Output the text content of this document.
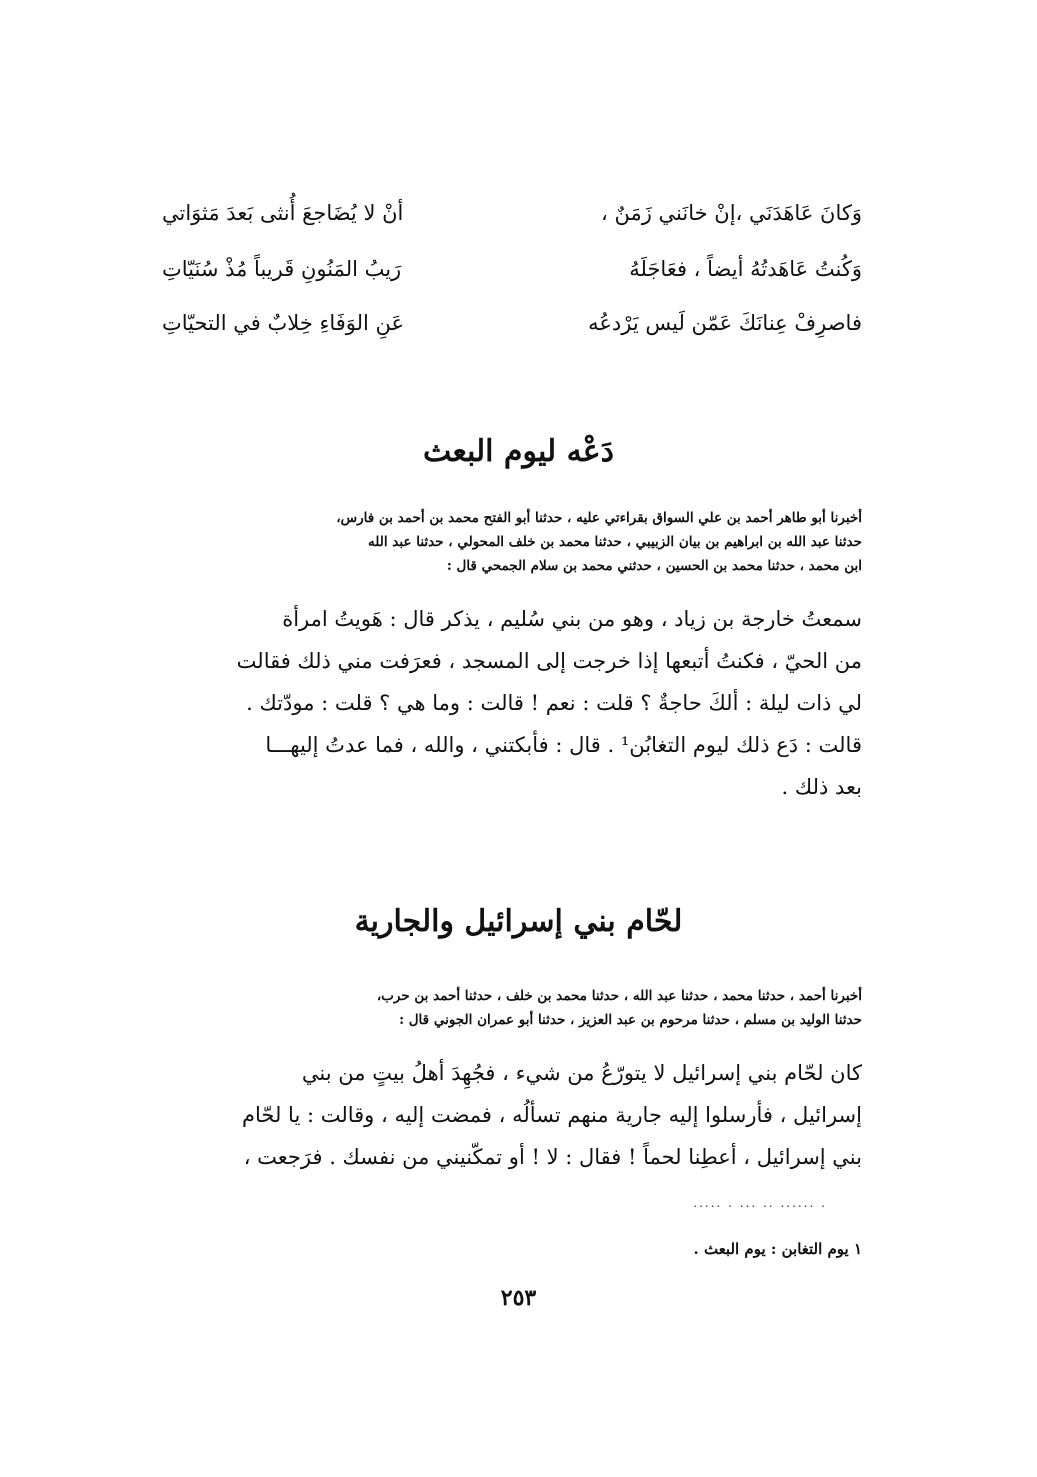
وَكانَ عَاهَدَنَي ،إنْ خانَني زَمَنٌ ،
أنْ لا يُضَاجعَ أُنثى بَعدَ مَثوَاتي
وَكُنتُ عَاهَدتُهُ أيضاً ، فعَاجَلَهُ
رَيبُ المَنُونِ قَريباً مُذْ سُنَيّاتِ
فاصرِفْ عِنانَكَ عَمّن لَيس يَرْدعُه
عَنِ الوَفَاءِ خِلابٌ في التحيّاتِ
دَعْه ليوم البعث

أخبرنا أبو طاهر أحمد بن علي السواق بقراءتي عليه ، حدثنا أبو الفتح محمد بن أحمد بن فارس،

حدثنا عبد الله بن ابراهيم بن بيان الزبيبي ، حدثنا محمد بن خلف المحولي ، حدثنا عبد الله

ابن محمد ، حدثنا محمد بن الحسين ، حدثني محمد بن سلام الجمحي قال :

سمعتُ خارجة بن زياد ، وهو من بني سُليم ، يذكر قال : هَويتُ امرأة

من الحيّ ، فكنتُ أتبعها إذا خرجت إلى المسجد ، فعرَفت مني ذلك فقالت

لي ذات ليلة : ألكَ حاجةٌ ؟ قلت : نعم ! قالت : وما هي ؟ قلت : مودّتك .

قالت : دَع ذلك ليوم التغابُن¹ . قال : فأبكتني ، والله ، فما عدتُ إليهـــا

بعد ذلك .

لحّام بني إسرائيل والجارية

أخبرنا أحمد ، حدثنا محمد ، حدثنا عبد الله ، حدثنا محمد بن خلف ، حدثنا أحمد بن حرب،

حدثنا الوليد بن مسلم ، حدثنا مرحوم بن عبد العزيز ، حدثنا أبو عمران الجوني قال :

كان لحّام بني إسرائيل لا يتورّعُ من شيء ، فجُهِدَ أهلُ بيتٍ من بني

إسرائيل ، فأرسلوا إليه جارية منهم تسألُه ، فمضت إليه ، وقالت : يا لحّام

بني إسرائيل ، أعطِنا لحماً ! فقال : لا ! أو تمكّنيني من نفسك . فرَجعت ،

. ...... .. ... . .....

١ يوم التغابن : يوم البعث .

٢٥٣
